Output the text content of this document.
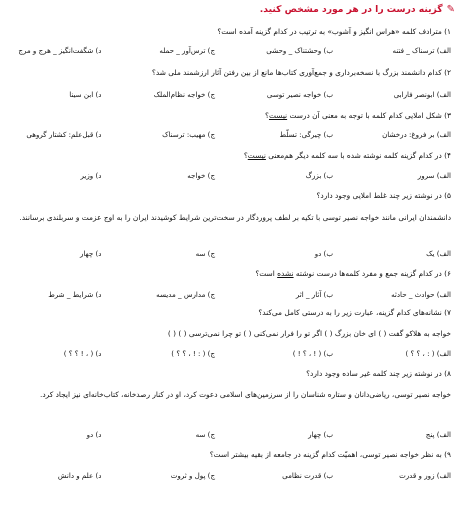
✎گزینه درست را در هر مورد مشخص کنید.
۱) مترادف کلمه «هراس انگیز و آشوب» به ترتیب در کدام گزینه آمده است؟
الف) ترسناک _ فتنه
ب) وحشتناک _ وحشی
ج) ترس‌آور _ حمله
د) شگفت‌انگیز _ هرج و مرج
۲) کدام دانشمند بزرگ با نسخه‌برداری و جمع‌آوری کتاب‌ها مانع از بین رفتن آثار ارزشمند ملی شد؟
الف) ابونصر فارابی
ب) خواجه نصیر توسی
ج) خواجه نظام‌الملک
د) ابن سینا
۳) شکل املایی کدام کلمه با توجه به معنی آن درست نیست؟
الف) بر فروغ: درخشان
ب) چیرگی: تسلّط
ج) مهیب: ترسناک
د) قبل‌علم: کشتار گروهی
۴) در کدام گزینه کلمه نوشته شده با سه کلمه دیگر هم‌معنی نیست؟
الف) سرور
ب) بزرگ
ج) خواجه
د) وزیر
۵) در نوشته زیر چند غلط املایی وجود دارد؟
دانشمندان ایرانی مانند خواجه نصیر توسی با تکیه بر لطف پروردگار در سخت‌ترین شرایط کوشیدند ایران را به اوج عزمت و سربلندی برسانند.
الف) یک
ب) دو
ج) سه
د) چهار
۶) در کدام گزینه جمع و مفرد کلمه‌ها درست نوشته نشده است؟
الف) حوادث _ حادثه
ب) آثار _ اثر
ج) مدارس _ مدیسه
د) شرایط _ شرط
۷) نشانه‌های کدام گزینه، عبارت زیر را به درستی کامل می‌کند؟
خواجه به هلاکو گفت ( ) ای خان بزرگ ( ) اگر تو را فرار نمی‌کنی ( ) تو چرا نمی‌ترسی ( ) ( )
الف) ( : ، ؟ ؟ )
ب) ( ! ، ؟ ! )
ج) ( : ! ، ؟ ؟ )
د) ( ، ! ؟ ؟ )
۸) در نوشته زیر چند کلمه غیر ساده وجود دارد؟
خواجه نصیر توسی، ریاضی‌دانان و ستاره شناسان را از سرزمین‌های اسلامی دعوت کرد، او در کنار رصدخانه، کتاب‌خانه‌ای نیز ایجاد کرد.
الف) پنج
ب) چهار
ج) سه
د) دو
۹) به نظر خواجه نصیر توسی، اهمیّت کدام گزینه در جامعه از بقیه بیشتر است؟
الف) زور و قدرت
ب) قدرت نظامی
ج) پول و ثروت
د) علم و دانش
